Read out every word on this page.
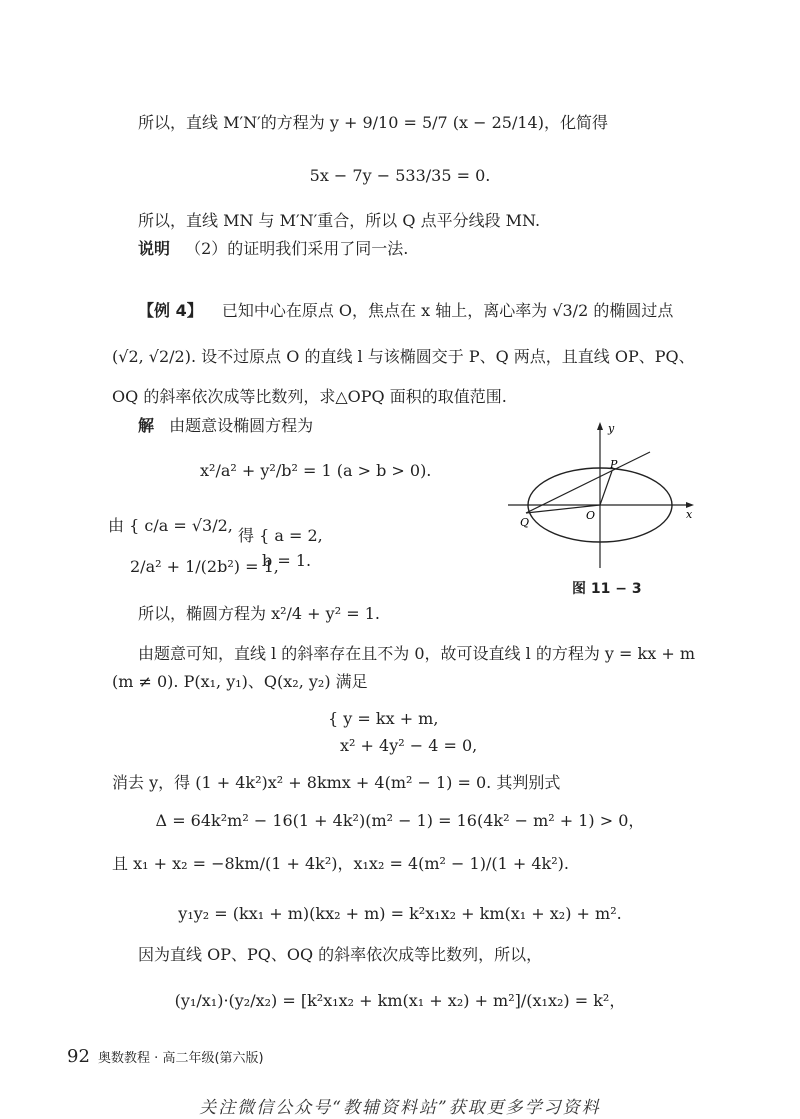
所以，直线 M′N′的方程为 y + 9/10 = 5/7 (x − 25/14)，化简得
5x − 7y − 533/35 = 0.
所以，直线 MN 与 M′N′重合，所以 Q 点平分线段 MN.
说明 （2）的证明我们采用了同一法.
【例 4】 已知中心在原点 O，焦点在 x 轴上，离心率为 √3/2 的椭圆过点
(√2, √2/2). 设不过原点 O 的直线 l 与该椭圆交于 P、Q 两点，且直线 OP、PQ、
OQ 的斜率依次成等比数列，求△OPQ 面积的取值范围.
解 由题意设椭圆方程为
x²/a² + y²/b² = 1 (a > b > 0).
由 { c/a = √3/2,
2/a² + 1/(2b²) = 1,
得 { a = 2,
b = 1.
所以，椭圆方程为 x²/4 + y² = 1.
由题意可知，直线 l 的斜率存在且不为 0，故可设直线 l 的方程为 y = kx + m
(m ≠ 0). P(x₁, y₁)、Q(x₂, y₂) 满足
{ y = kx + m,
x² + 4y² − 4 = 0,
消去 y，得 (1 + 4k²)x² + 8kmx + 4(m² − 1) = 0. 其判别式
Δ = 64k²m² − 16(1 + 4k²)(m² − 1) = 16(4k² − m² + 1) > 0，
且 x₁ + x₂ = −8km/(1 + 4k²)，x₁x₂ = 4(m² − 1)/(1 + 4k²).
y₁y₂ = (kx₁ + m)(kx₂ + m) = k²x₁x₂ + km(x₁ + x₂) + m².
因为直线 OP、PQ、OQ 的斜率依次成等比数列，所以，
(y₁/x₁)·(y₂/x₂) = [k²x₁x₂ + km(x₁ + x₂) + m²]/(x₁x₂) = k²，
y
x
O
P
Q
图 11 − 3
92 奥数教程 · 高二年级(第六版)
关注微信公众号“教辅资料站”获取更多学习资料
